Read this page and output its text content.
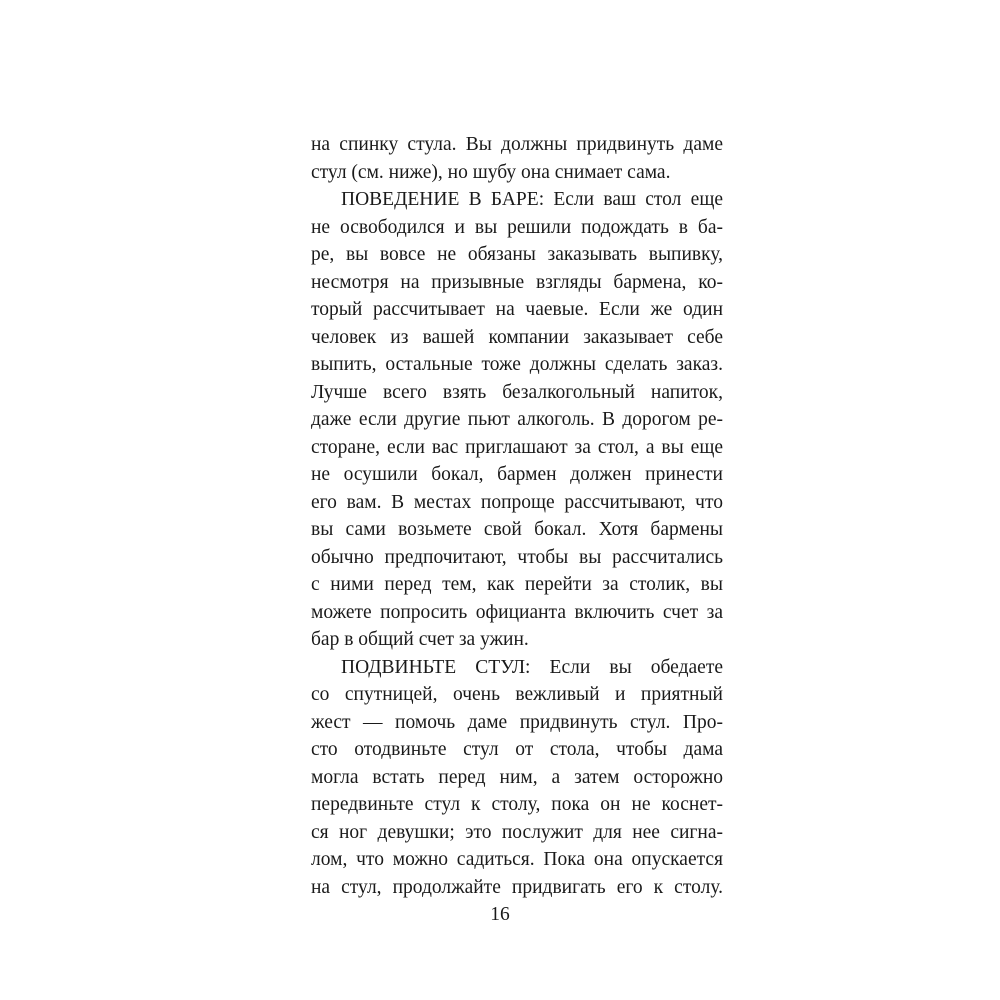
на спинку стула. Вы должны придвинуть даме
стул (см. ниже), но шубу она снимает сама.
ПОВЕДЕНИЕ В БАРЕ: Если ваш стол еще
не освободился и вы решили подождать в ба-
ре, вы вовсе не обязаны заказывать выпивку,
несмотря на призывные взгляды бармена, ко-
торый рассчитывает на чаевые. Если же один
человек из вашей компании заказывает себе
выпить, остальные тоже должны сделать заказ.
Лучше всего взять безалкогольный напиток,
даже если другие пьют алкоголь. В дорогом ре-
сторане, если вас приглашают за стол, а вы еще
не осушили бокал, бармен должен принести
его вам. В местах попроще рассчитывают, что
вы сами возьмете свой бокал. Хотя бармены
обычно предпочитают, чтобы вы рассчитались
с ними перед тем, как перейти за столик, вы
можете попросить официанта включить счет за
бар в общий счет за ужин.
ПОДВИНЬТЕ СТУЛ: Если вы обедаете
со спутницей, очень вежливый и приятный
жест — помочь даме придвинуть стул. Про-
сто отодвиньте стул от стола, чтобы дама
могла встать перед ним, а затем осторожно
передвиньте стул к столу, пока он не коснет-
ся ног девушки; это послужит для нее сигна-
лом, что можно садиться. Пока она опускается
на стул, продолжайте придвигать его к столу.
16
